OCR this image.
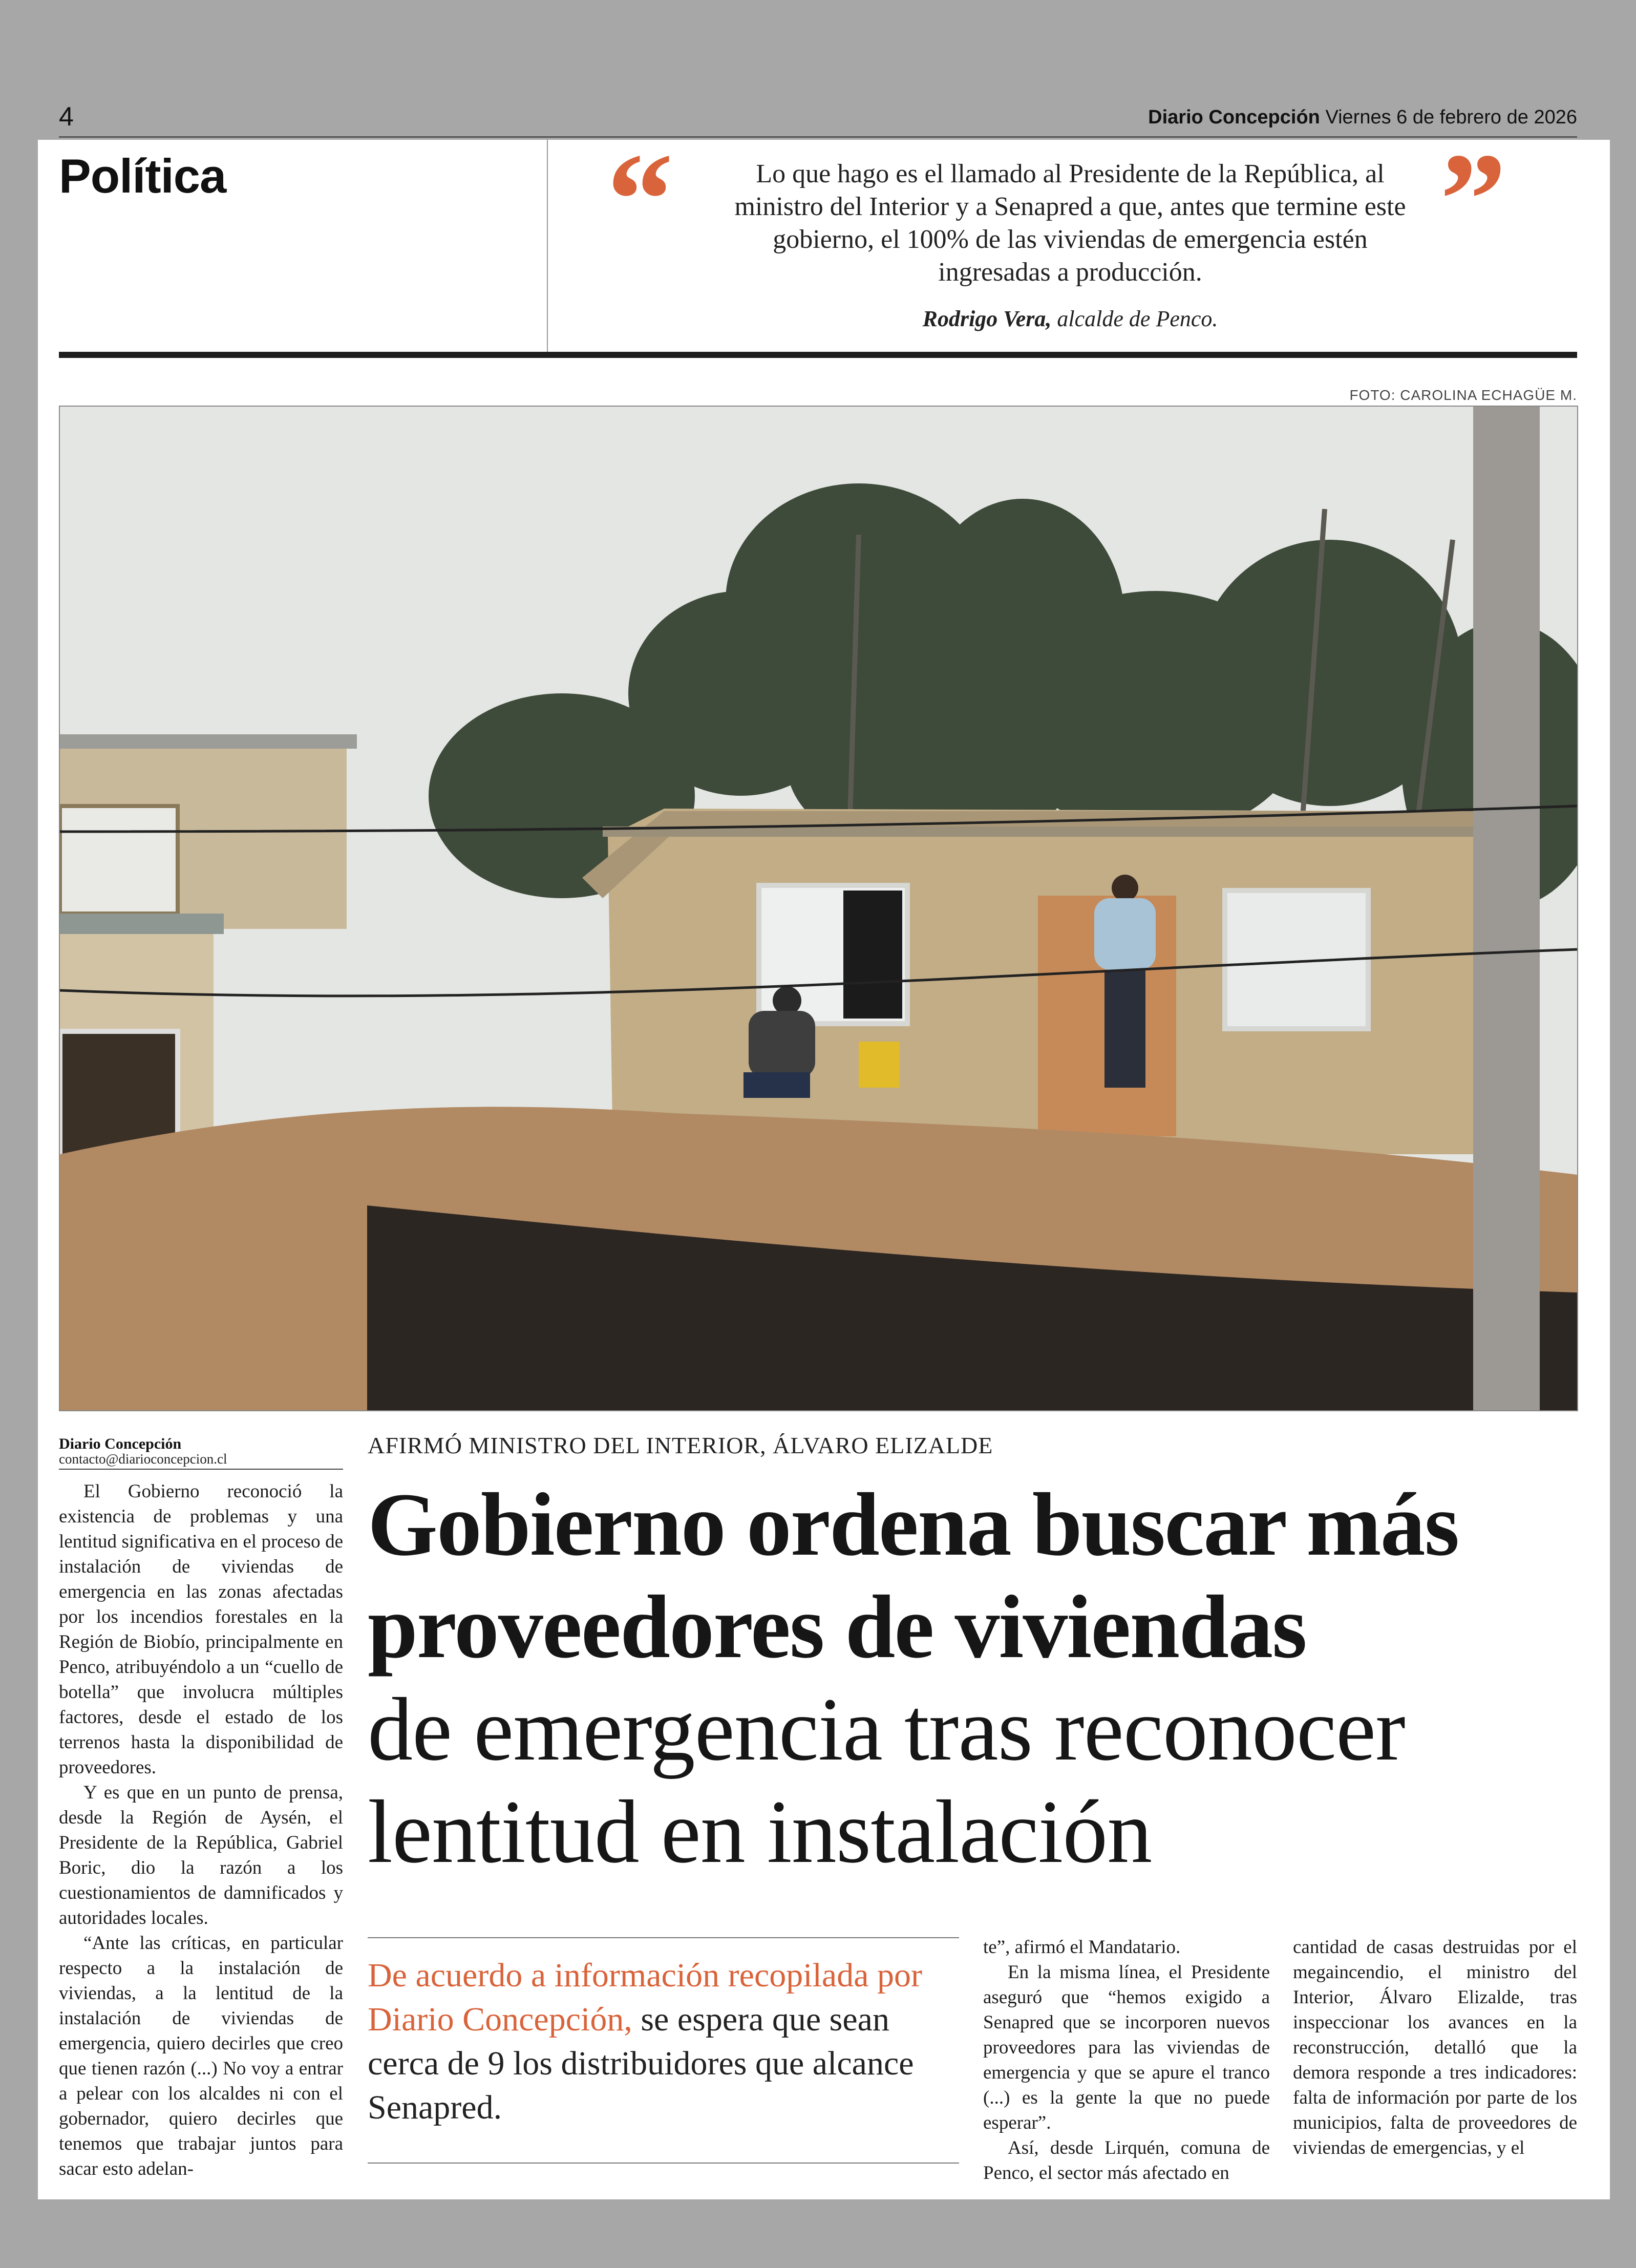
4	Diario Concepción Viernes 6 de febrero de 2026
Política	“	Lo que hago es el llamado al Presidente de la República, al ministro del Interior y a Senapred a que, antes que termine este gobierno, el 100% de las viviendas de emergencia estén ingresadas a producción.	”
Rodrigo Vera, alcalde de Penco.
FOTO: CAROLINA ECHAGÜE M.
Diario Concepción
contacto@diarioconcepcion.cl

El Gobierno reconoció la existencia de problemas y una lentitud significativa en el proceso de instalación de viviendas de emergencia en las zonas afectadas por los incendios forestales en la Región de Biobío, principalmente en Penco, atribuyéndolo a un “cuello de botella” que involucra múltiples factores, desde el estado de los terrenos hasta la disponibilidad de proveedores.

Y es que en un punto de prensa, desde la Región de Aysén, el Presidente de la República, Gabriel Boric, dio la razón a los cuestionamientos de damnificados y autoridades locales.

“Ante las críticas, en particular respecto a la instalación de viviendas, a la lentitud de la instalación de viviendas de emergencia, quiero decirles que creo que tienen razón (...) No voy a entrar a pelear con los alcaldes ni con el gobernador, quiero decirles que tenemos que trabajar juntos para sacar esto adelan-

AFIRMÓ MINISTRO DEL INTERIOR, ÁLVARO ELIZALDE
Gobierno ordena buscar más
proveedores de viviendas
de emergencia tras reconocer
lentitud en instalación
De acuerdo a información recopilada por Diario Concepción, se espera que sean cerca de 9 los distribuidores que alcance Senapred.

te”, afirmó el Mandatario.

En la misma línea, el Presidente aseguró que “hemos exigido a Senapred que se incorporen nuevos proveedores para las viviendas de emergencia y que se apure el tranco (...) es la gente la que no puede esperar”.

Así, desde Lirquén, comuna de Penco, el sector más afectado en

cantidad de casas destruidas por el megaincendio, el ministro del Interior, Álvaro Elizalde, tras inspeccionar los avances en la reconstrucción, detalló que la demora responde a tres indicadores: falta de información por parte de los municipios, falta de proveedores de viviendas de emergencias, y el
